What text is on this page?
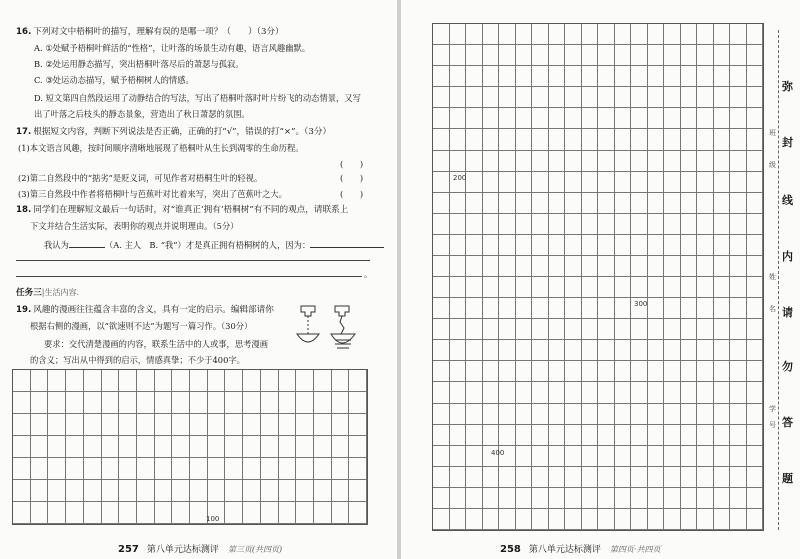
16. 下列对文中梧桐叶的描写，理解有误的是哪一项？（　　）（3分）
A. ①处赋予梧桐叶鲜活的“性格”，让叶落的场景生动有趣，语言风趣幽默。
B. ②处运用静态描写，突出梧桐叶落尽后的萧瑟与孤寂。
C. ③处运动态描写，赋予梧桐树人的情感。
D. 短文第四自然段运用了动静结合的写法，写出了梧桐叶落时叶片纷飞的动态情景，又写出了叶落之后枝头的静态景象，营造出了秋日萧瑟的氛围。
17. 根据短文内容，判断下列说法是否正确，正确的打“√”，错误的打“×”。（3分）
(1)本文语言风趣，按时间顺序清晰地展现了梧桐叶从生长到凋零的生命历程。
(　　)
(2)第二自然段中的“掂劣”是贬义词，可见作者对梧桐生叶的轻视。	(　　)
(3)第三自然段中作者将梧桐叶与芭蕉叶对比着来写，突出了芭蕉叶之大。	(　　)
18. 同学们在理解短文最后一句话时，对“谁真正‘拥有’梧桐树”有不同的观点，请联系上
下文并结合生活实际，表明你的观点并说明理由。（5分）
我认为	（A. 主人　B. “我”）才是真正拥有梧桐树的人，因为：
。
任务三|生活内容.
19. 风趣的漫画往往蕴含丰富的含义，具有一定的启示。编辑部请你
根据右侧的漫画，以“欲速则不达”为题写一篇习作。（30分）
要求：交代清楚漫画的内容，联系生活中的人或事，思考漫画
的含义；写出从中得到的启示，情感真挚；不少于400字。
100
257 第八单元达标测评　 第三页(共四页)
200
300
400
弥
封
线
内
请
勿
答
题
班
级
姓
名
学
号
258 第八单元达标测评　 第四页·共四页
